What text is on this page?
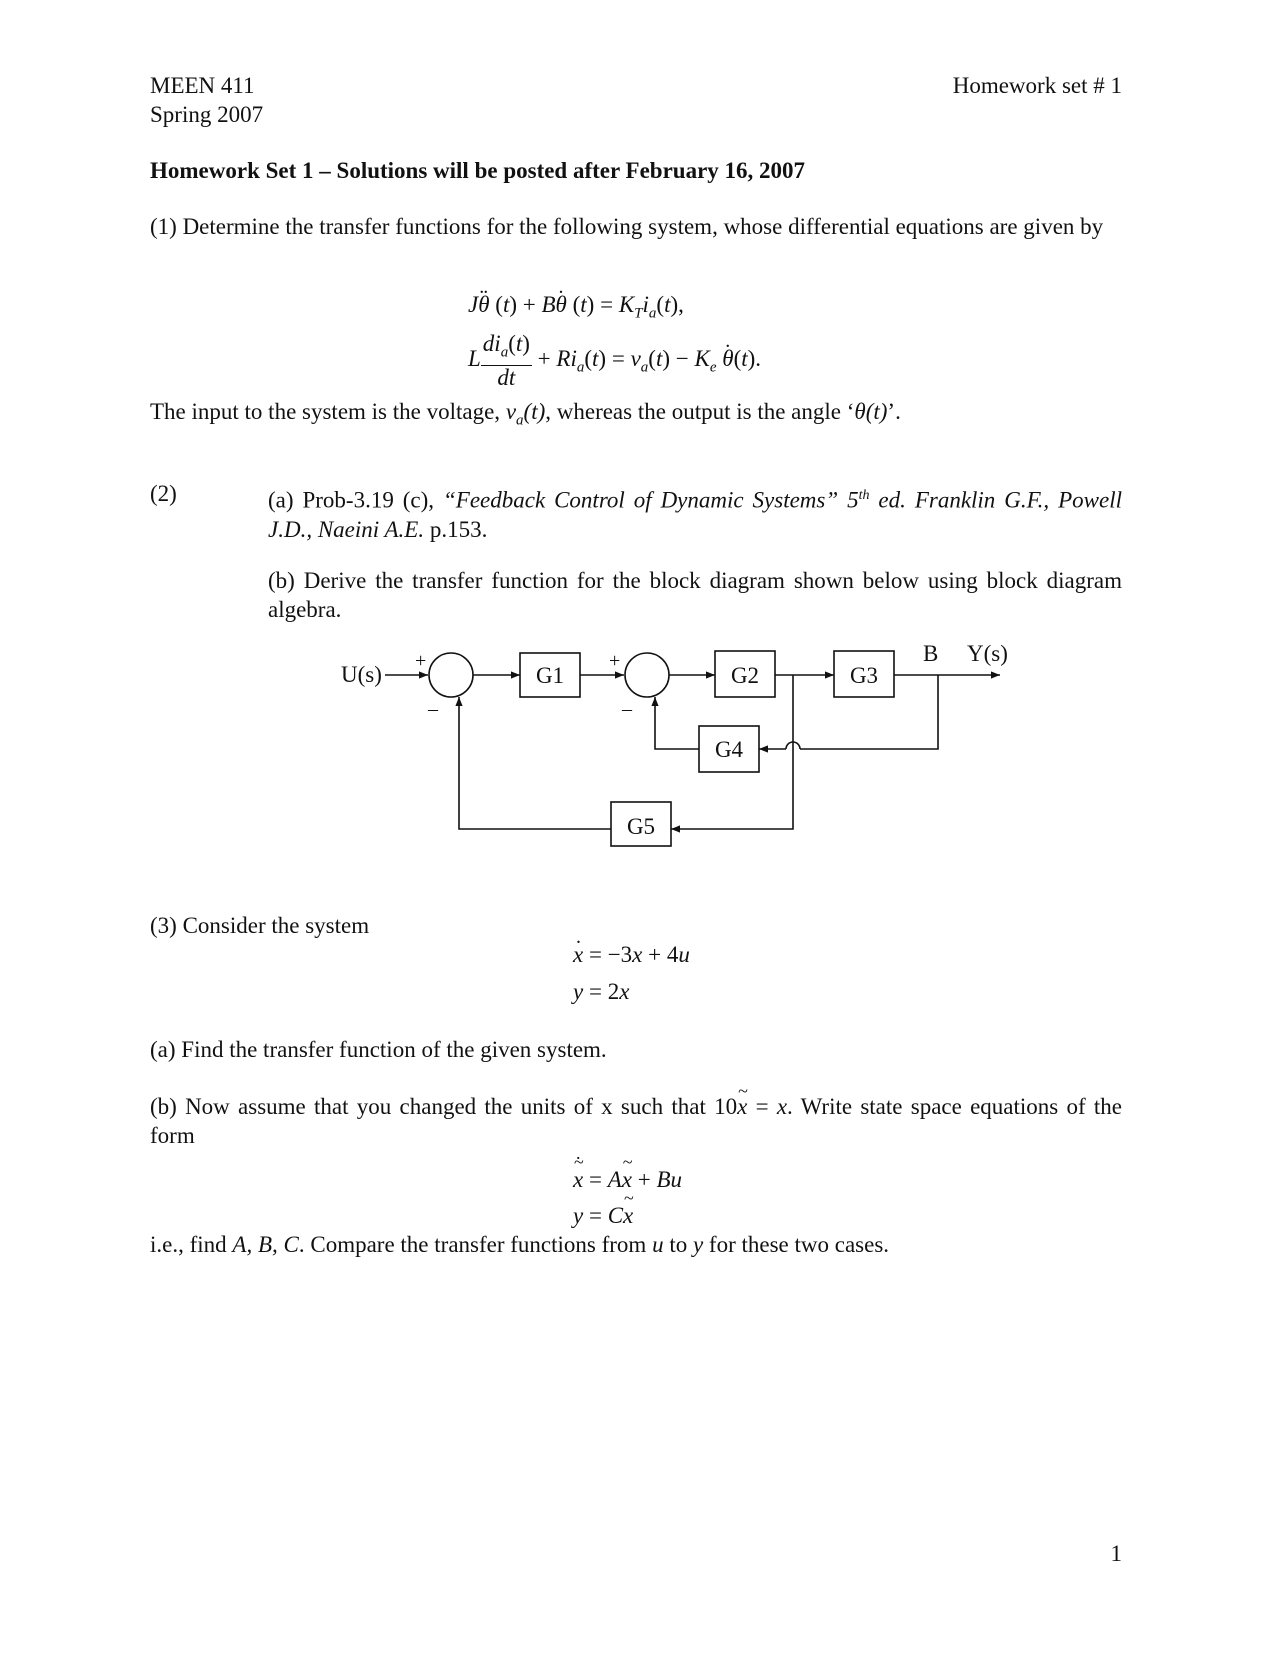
MEEN 411
Spring 2007
Homework set # 1
Homework Set 1 – Solutions will be posted after February 16, 2007
(1) Determine the transfer functions for the following system, whose differential equations are given by
J.. θ (t) + B. θ $(t) = K_Ti_a(t)$,
L $\frac{di_a(t)}{dt} + Ri_a(t) = v_a(t) - K_e$ . θ(t).
The input to the system is the voltage, $v_a(t)$, whereas the output is the angle ‘θ(t)’.
(2)	(a) Prob-3.19 (c), “Feedback Control of Dynamic Systems” 5th ed. Franklin G.F., Powell J.D., Naeini A.E. p.153.
(b) Derive the transfer function for the block diagram shown below using block diagram algebra.
U(s)
+
–
+
–
G1	G2	G3
G4
G5
B Y(s)
(3) Consider the system
. x = −3x + 4u
y = 2x
(a) Find the transfer function of the given system.
(b) Now assume that you changed the units of x such that 10~ x = x. Write state space equations of the form
~ x . = A~ x + Bu
y = C~ x
i.e., find A, B, C. Compare the transfer functions from u to y for these two cases.
1
